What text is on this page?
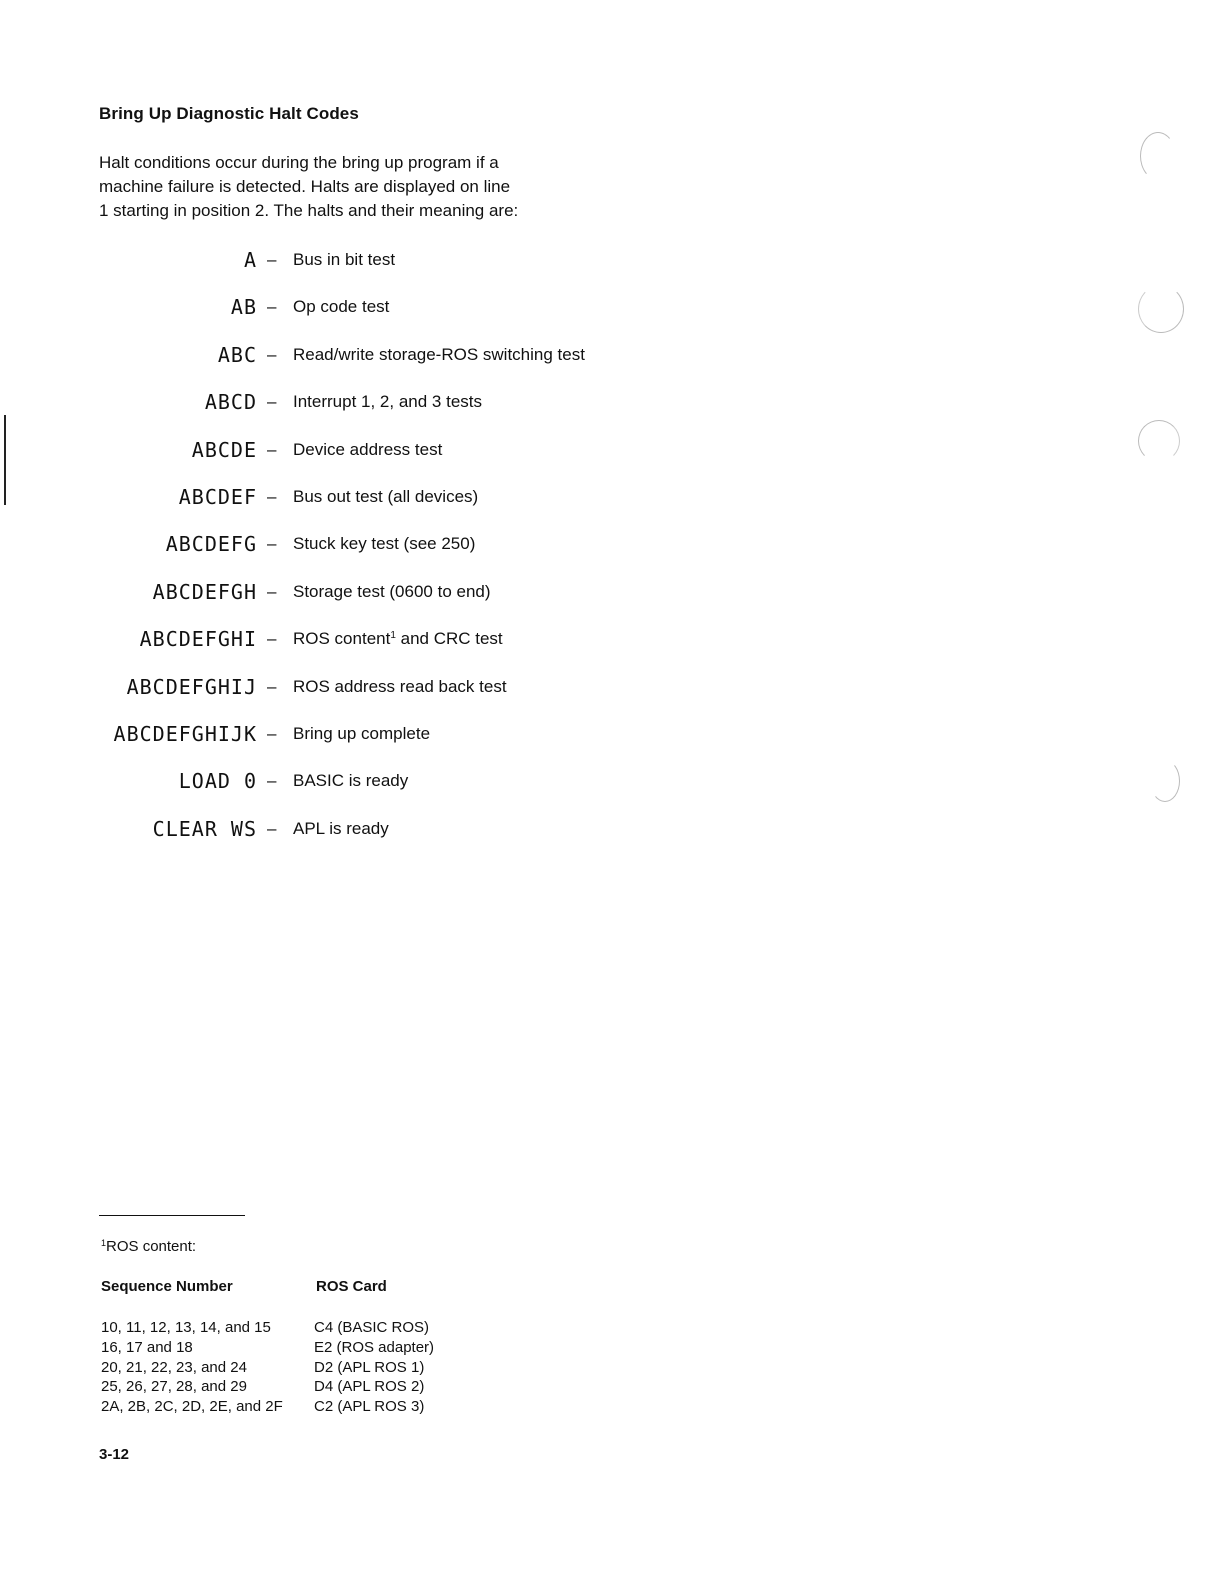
Bring Up Diagnostic Halt Codes
Halt conditions occur during the bring up program if a
machine failure is detected. Halts are displayed on line
1 starting in position 2. The halts and their meaning are:
A – Bus in bit test
AB – Op code test
ABC – Read/write storage-ROS switching test
ABCD – Interrupt 1, 2, and 3 tests
ABCDE – Device address test
ABCDEF – Bus out test (all devices)
ABCDEFG – Stuck key test (see 250)
ABCDEFGH – Storage test (0600 to end)
ABCDEFGHI – ROS content$^1$ and CRC test
ABCDEFGHIJ – ROS address read back test
ABCDEFGHIJK – Bring up complete
LOAD 0 – BASIC is ready
CLEAR WS – APL is ready
$^1$ROS content:
Sequence Number	ROS Card
10, 11, 12, 13, 14, and 15	C4 (BASIC ROS)
16, 17 and 18	E2 (ROS adapter)
20, 21, 22, 23, and 24	D2 (APL ROS 1)
25, 26, 27, 28, and 29	D4 (APL ROS 2)
2A, 2B, 2C, 2D, 2E, and 2F C2 (APL ROS 3)
3-12
